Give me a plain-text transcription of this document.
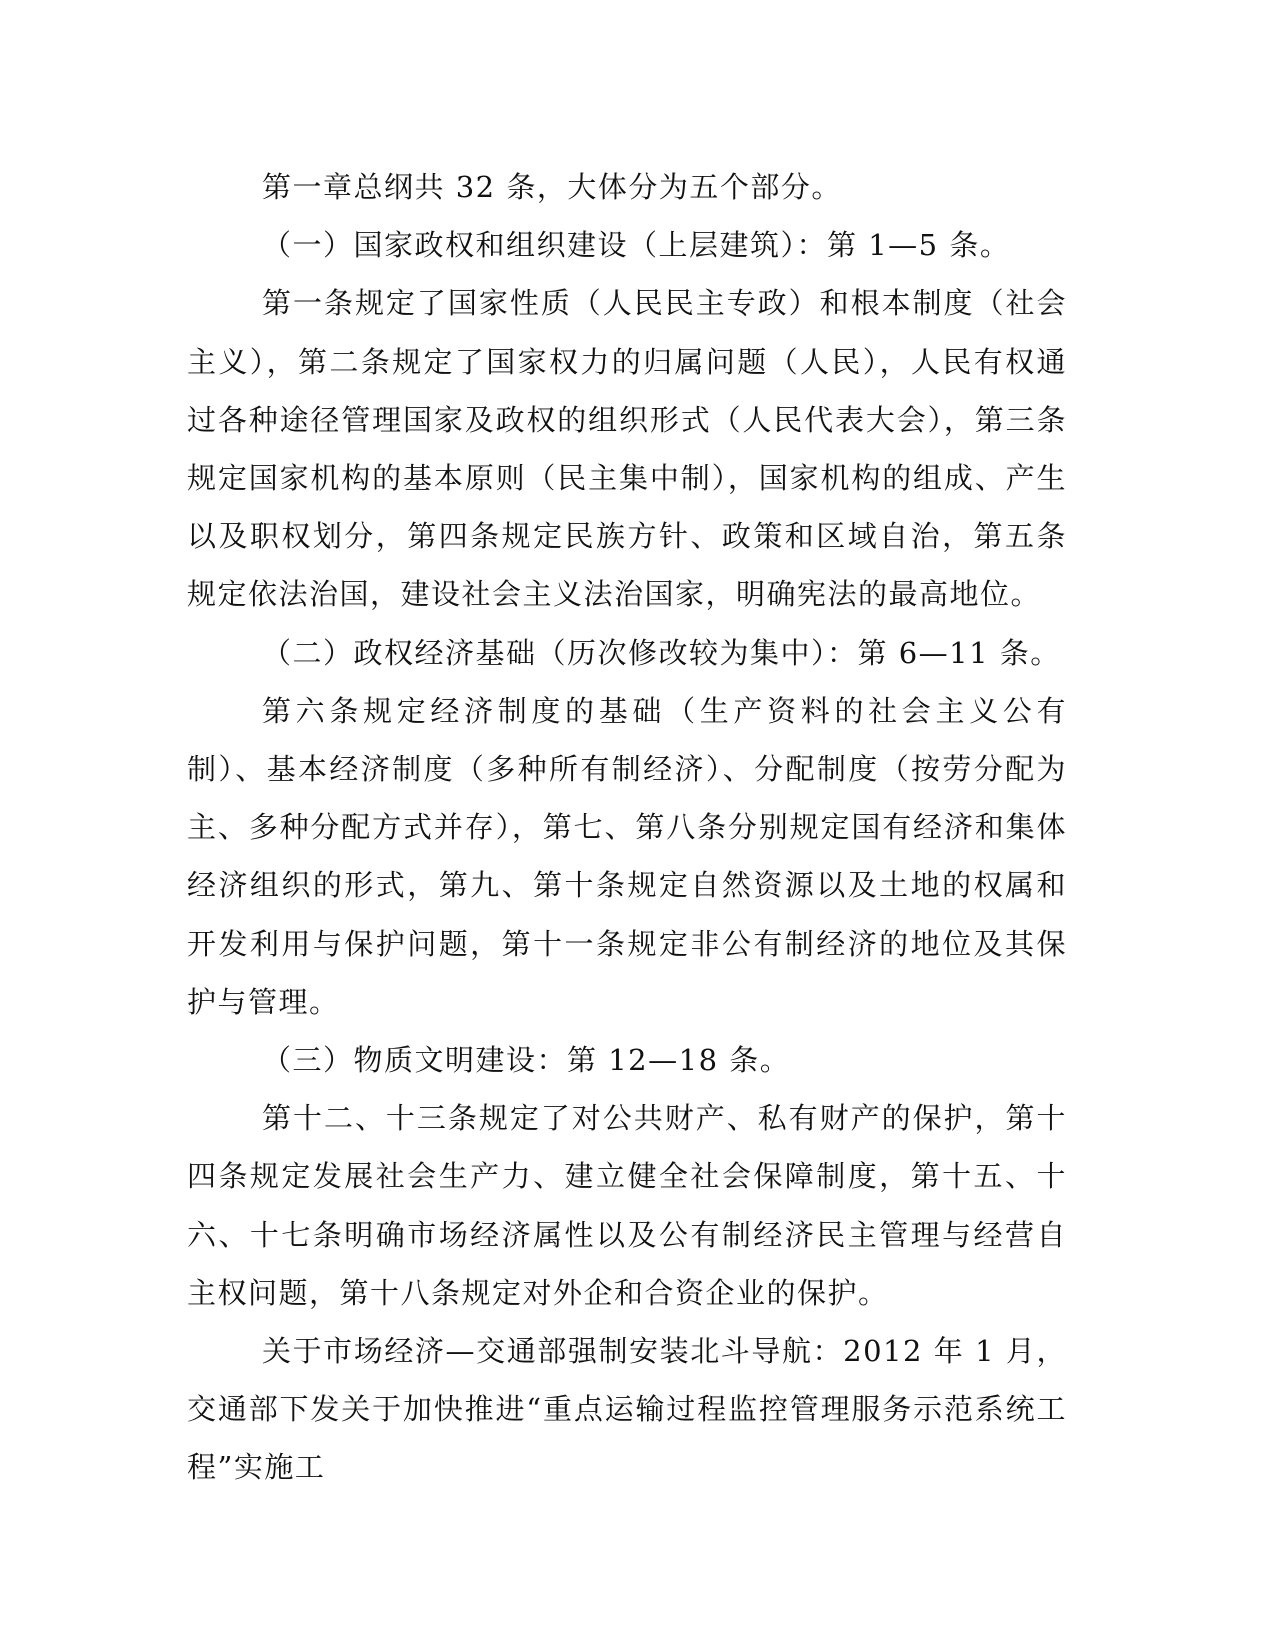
第一章总纲共 32 条，大体分为五个部分。

（一）国家政权和组织建设（上层建筑）：第 1—5 条。

第一条规定了国家性质（人民民主专政）和根本制度（社会主义），第二条规定了国家权力的归属问题（人民），人民有权通过各种途径管理国家及政权的组织形式（人民代表大会），第三条规定国家机构的基本原则（民主集中制），国家机构的组成、产生以及职权划分，第四条规定民族方针、政策和区域自治，第五条规定依法治国，建设社会主义法治国家，明确宪法的最高地位。

（二）政权经济基础（历次修改较为集中）：第 6—11 条。

第六条规定经济制度的基础（生产资料的社会主义公有制）、基本经济制度（多种所有制经济）、分配制度（按劳分配为主、多种分配方式并存），第七、第八条分别规定国有经济和集体经济组织的形式，第九、第十条规定自然资源以及土地的权属和开发利用与保护问题，第十一条规定非公有制经济的地位及其保护与管理。

（三）物质文明建设：第 12—18 条。

第十二、十三条规定了对公共财产、私有财产的保护，第十四条规定发展社会生产力、建立健全社会保障制度，第十五、十六、十七条明确市场经济属性以及公有制经济民主管理与经营自主权问题，第十八条规定对外企和合资企业的保护。

关于市场经济—交通部强制安装北斗导航：2012 年 1 月，交通部下发关于加快推进“重点运输过程监控管理服务示范系统工程”实施工
